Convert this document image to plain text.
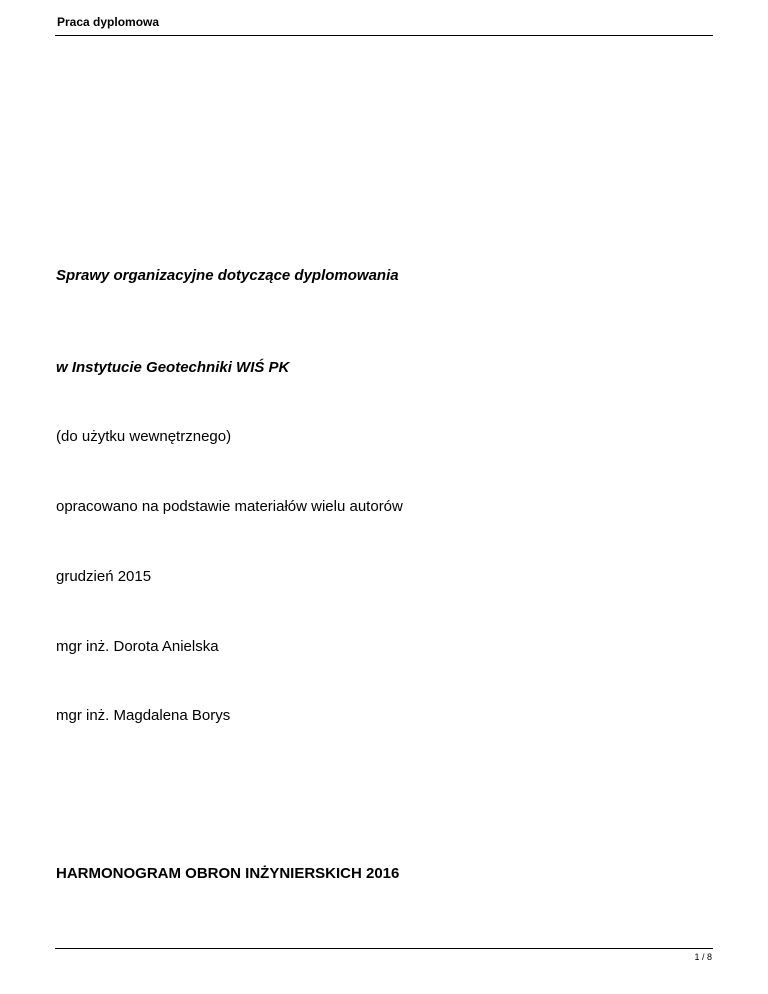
Praca dyplomowa
Sprawy organizacyjne dotyczące dyplomowania
w Instytucie Geotechniki WIŚ PK
(do użytku wewnętrznego)
opracowano na podstawie materiałów wielu autorów
grudzień 2015
mgr inż. Dorota Anielska
mgr inż. Magdalena Borys
HARMONOGRAM OBRON INŻYNIERSKICH 2016
1 / 8
